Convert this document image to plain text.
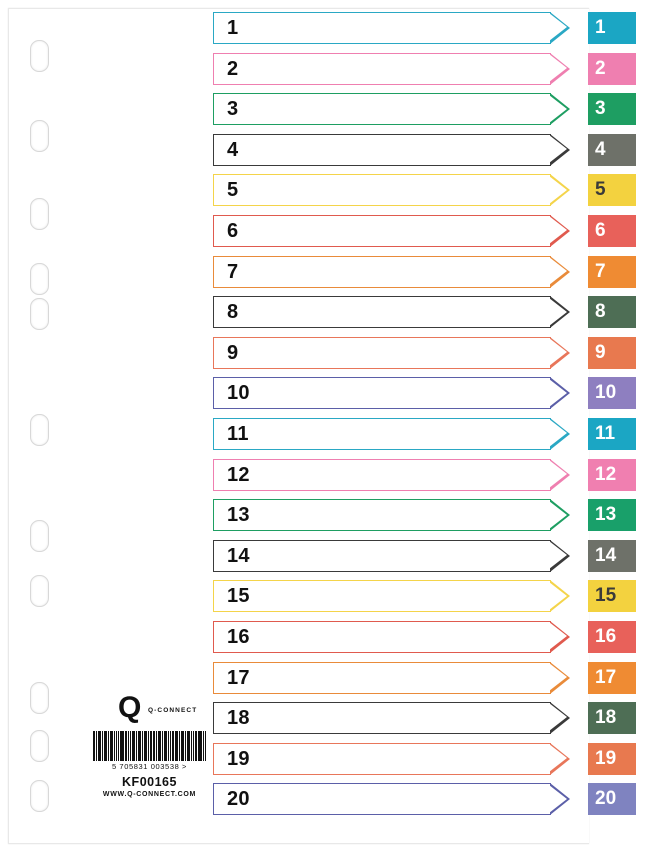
1
2
3
4
5
6
7
8
9
10
11
12
13
14
15
16
17
18
19
20
1
2
3
4
5
6
7
8
9
10
11
12
13
14
15
16
17
18
19
20
Q Q-CONNECT
5 705831 003538 >
KF00165
WWW.Q-CONNECT.COM
